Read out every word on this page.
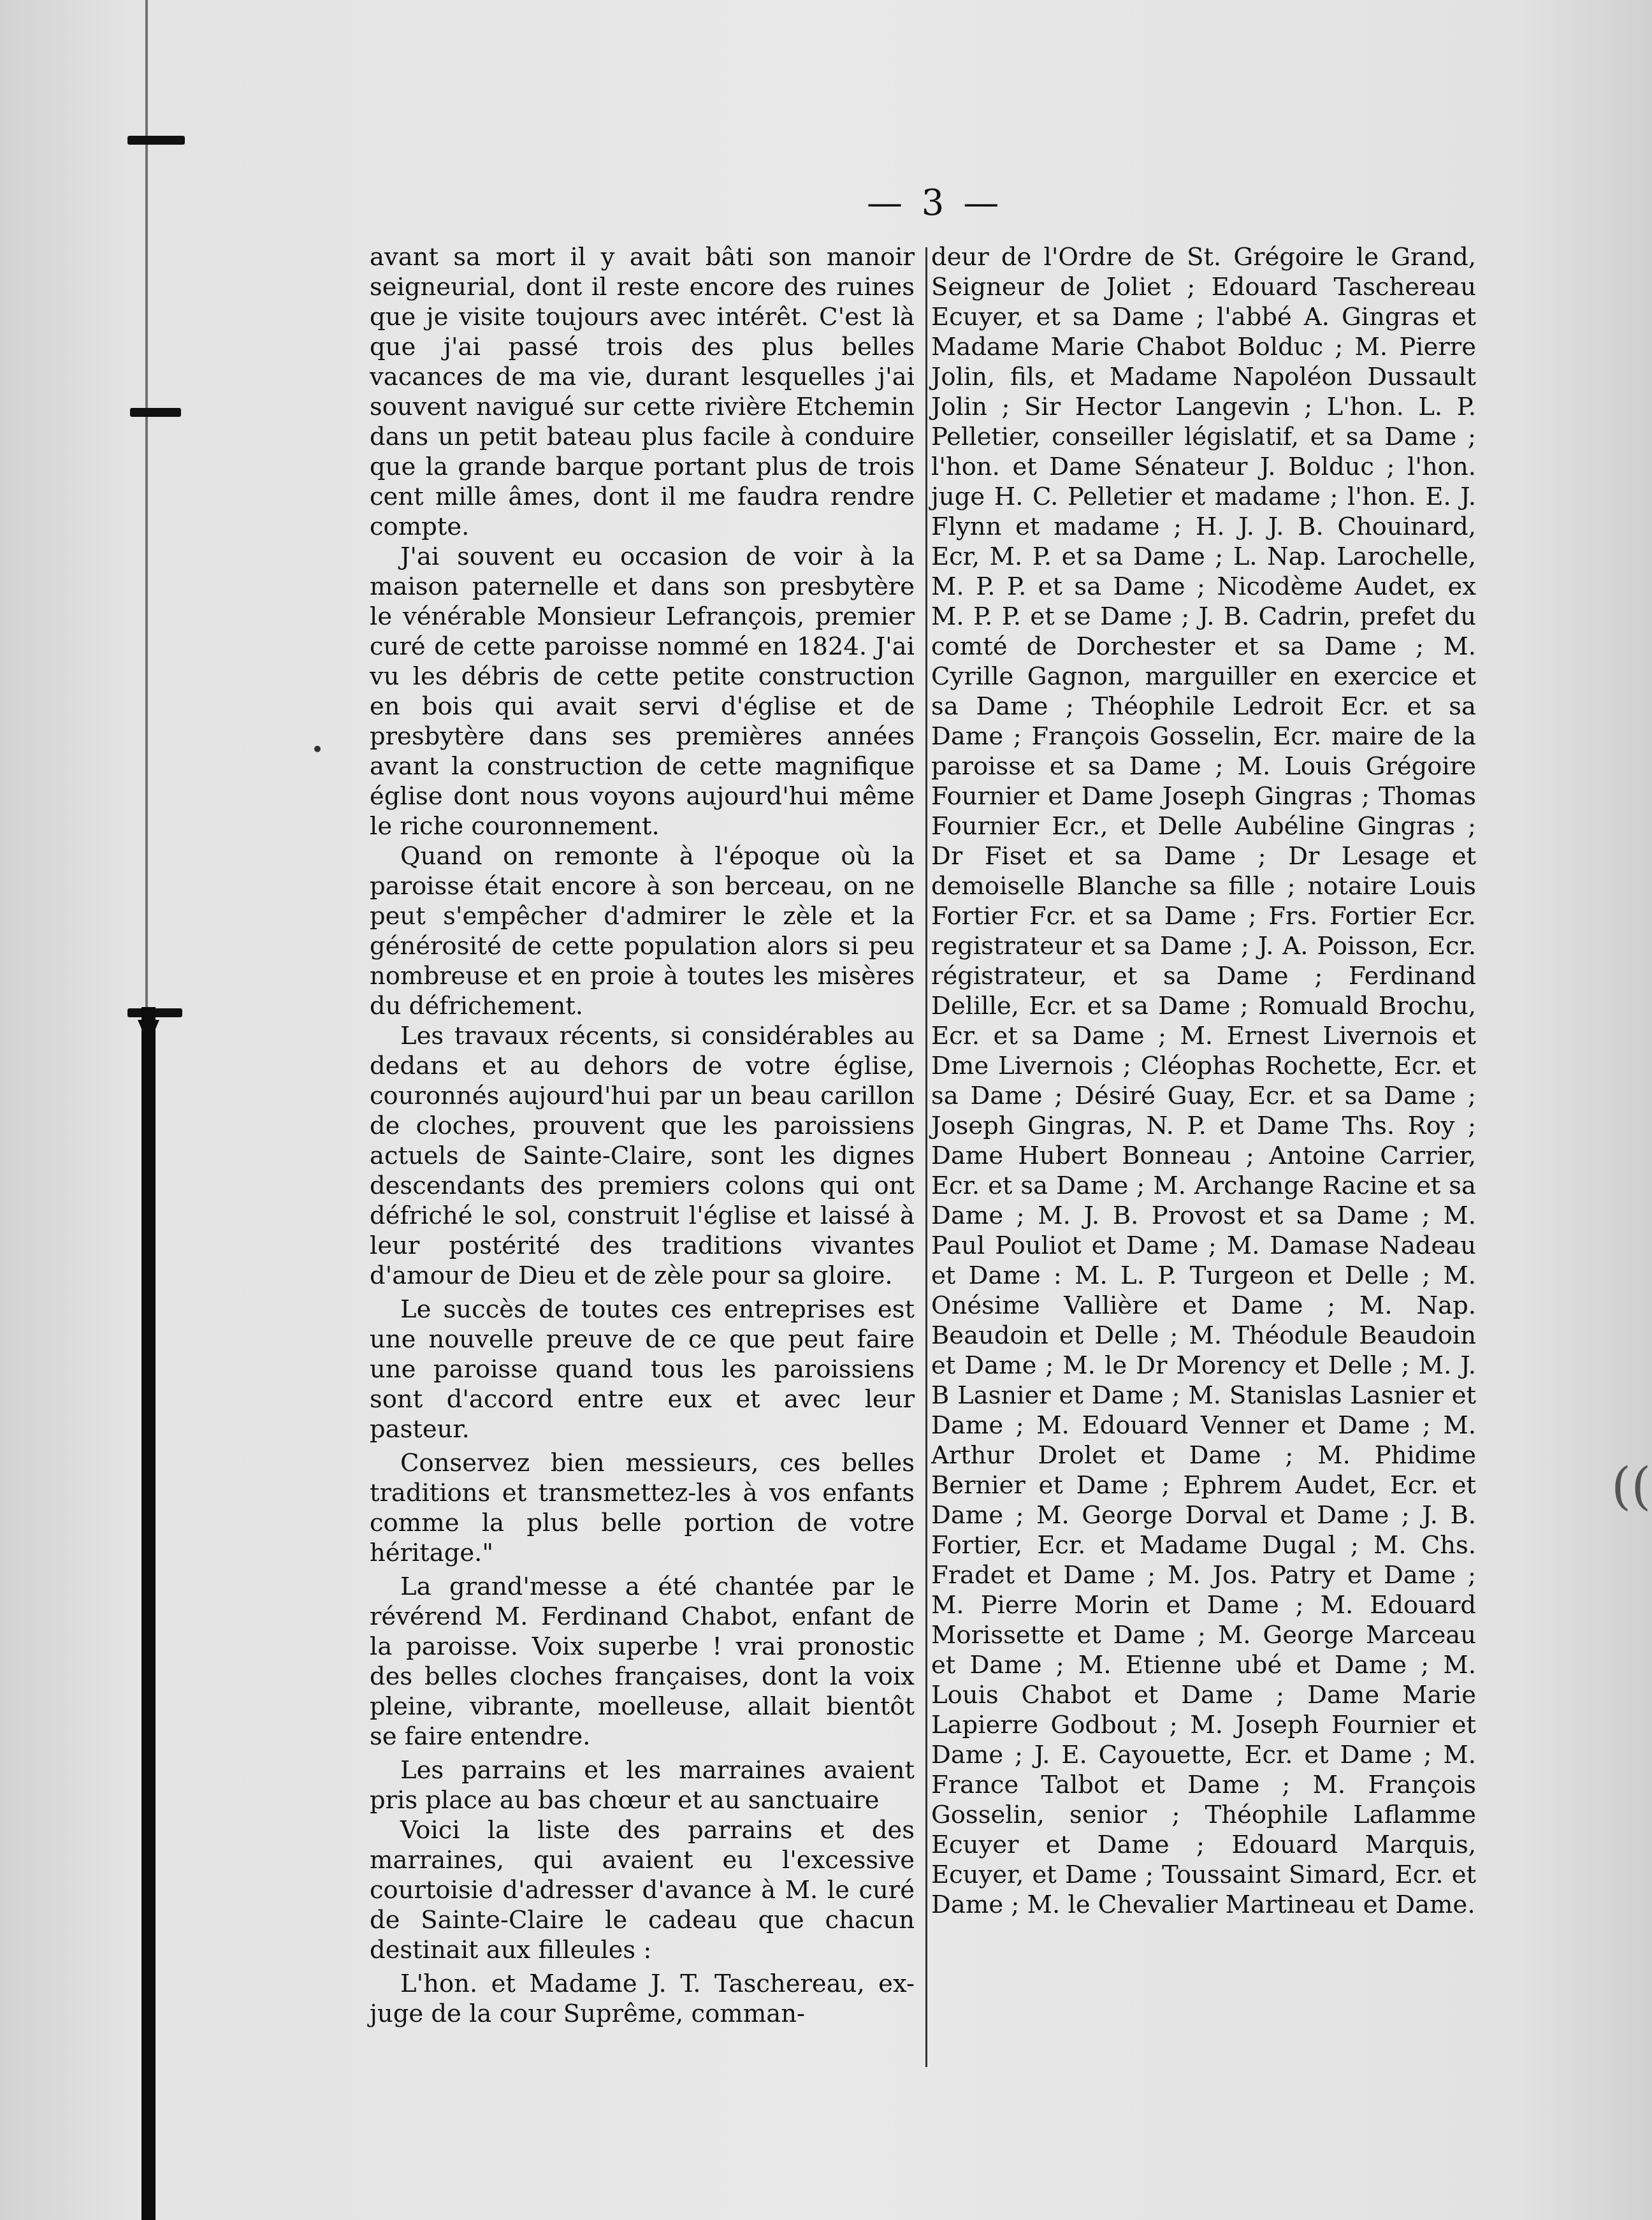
((
— 3 —

avant sa mort il y avait bâti son manoir seigneurial, dont il reste encore des ruines que je visite toujours avec intérêt. C'est là que j'ai passé trois des plus belles vacances de ma vie, durant lesquelles j'ai souvent navigué sur cette rivière Etchemin dans un petit bateau plus facile à conduire que la grande barque portant plus de trois cent mille âmes, dont il me faudra rendre compte.

J'ai souvent eu occasion de voir à la maison paternelle et dans son presbytère le vénérable Monsieur Lefrançois, premier curé de cette paroisse nommé en 1824. J'ai vu les débris de cette petite construction en bois qui avait servi d'église et de presbytère dans ses premières années avant la construction de cette magnifique église dont nous voyons aujourd'hui même le riche couronnement.

Quand on remonte à l'époque où la paroisse était encore à son berceau, on ne peut s'empêcher d'admirer le zèle et la générosité de cette population alors si peu nombreuse et en proie à toutes les misères du défrichement.

Les travaux récents, si considérables au dedans et au dehors de votre église, couronnés aujourd'hui par un beau carillon de cloches, prouvent que les paroissiens actuels de Sainte-Claire, sont les dignes descendants des premiers colons qui ont défriché le sol, construit l'église et laissé à leur postérité des traditions vivantes d'amour de Dieu et de zèle pour sa gloire.

Le succès de toutes ces entreprises est une nouvelle preuve de ce que peut faire une paroisse quand tous les paroissiens sont d'accord entre eux et avec leur pasteur.

Conservez bien messieurs, ces belles traditions et transmettez-les à vos enfants comme la plus belle portion de votre héritage."

La grand'messe a été chantée par le révérend M. Ferdinand Chabot, enfant de la paroisse. Voix superbe ! vrai pronostic des belles cloches françaises, dont la voix pleine, vibrante, moelleuse, allait bientôt se faire entendre.

Les parrains et les marraines avaient pris place au bas chœur et au sanctuaire

Voici la liste des parrains et des marraines, qui avaient eu l'excessive courtoisie d'adresser d'avance à M. le curé de Sainte-Claire le cadeau que chacun destinait aux filleules :

L'hon. et Madame J. T. Taschereau, ex-juge de la cour Suprême, comman-

deur de l'Ordre de St. Grégoire le Grand, Seigneur de Joliet ; Edouard Taschereau Ecuyer, et sa Dame ; l'abbé A. Gingras et Madame Marie Chabot Bolduc ; M. Pierre Jolin, fils, et Madame Napoléon Dussault Jolin ; Sir Hector Langevin ; L'hon. L. P. Pelletier, conseiller législatif, et sa Dame ; l'hon. et Dame Sénateur J. Bolduc ; l'hon. juge H. C. Pelletier et madame ; l'hon. E. J. Flynn et madame ; H. J. J. B. Chouinard, Ecr, M. P. et sa Dame ; L. Nap. Larochelle, M. P. P. et sa Dame ; Nicodème Audet, ex M. P. P. et se Dame ; J. B. Cadrin, prefet du comté de Dorchester et sa Dame ; M. Cyrille Gagnon, marguiller en exercice et sa Dame ; Théophile Ledroit Ecr. et sa Dame ; François Gosselin, Ecr. maire de la paroisse et sa Dame ; M. Louis Grégoire Fournier et Dame Joseph Gingras ; Thomas Fournier Ecr., et Delle Aubéline Gingras ; Dr Fiset et sa Dame ; Dr Lesage et demoiselle Blanche sa fille ; notaire Louis Fortier Fcr. et sa Dame ; Frs. Fortier Ecr. registrateur et sa Dame ; J. A. Poisson, Ecr. régistrateur, et sa Dame ; Ferdinand Delille, Ecr. et sa Dame ; Romuald Brochu, Ecr. et sa Dame ; M. Ernest Livernois et Dme Livernois ; Cléophas Rochette, Ecr. et sa Dame ; Désiré Guay, Ecr. et sa Dame ; Joseph Gingras, N. P. et Dame Ths. Roy ; Dame Hubert Bonneau ; Antoine Carrier, Ecr. et sa Dame ; M. Archange Racine et sa Dame ; M. J. B. Provost et sa Dame ; M. Paul Pouliot et Dame ; M. Damase Nadeau et Dame : M. L. P. Turgeon et Delle ; M. Onésime Vallière et Dame ; M. Nap. Beaudoin et Delle ; M. Théodule Beaudoin et Dame ; M. le Dr Morency et Delle ; M. J. B Lasnier et Dame ; M. Stanislas Lasnier et Dame ; M. Edouard Venner et Dame ; M. Arthur Drolet et Dame ; M. Phidime Bernier et Dame ; Ephrem Audet, Ecr. et Dame ; M. George Dorval et Dame ; J. B. Fortier, Ecr. et Madame Dugal ; M. Chs. Fradet et Dame ; M. Jos. Patry et Dame ; M. Pierre Morin et Dame ; M. Edouard Morissette et Dame ; M. George Marceau et Dame ; M. Etienne ubé et Dame ; M. Louis Chabot et Dame ; Dame Marie Lapierre Godbout ; M. Joseph Fournier et Dame ; J. E. Cayouette, Ecr. et Dame ; M. France Talbot et Dame ; M. François Gosselin, senior ; Théophile Laflamme Ecuyer et Dame ; Edouard Marquis, Ecuyer, et Dame ; Toussaint Simard, Ecr. et Dame ; M. le Chevalier Martineau et Dame.
